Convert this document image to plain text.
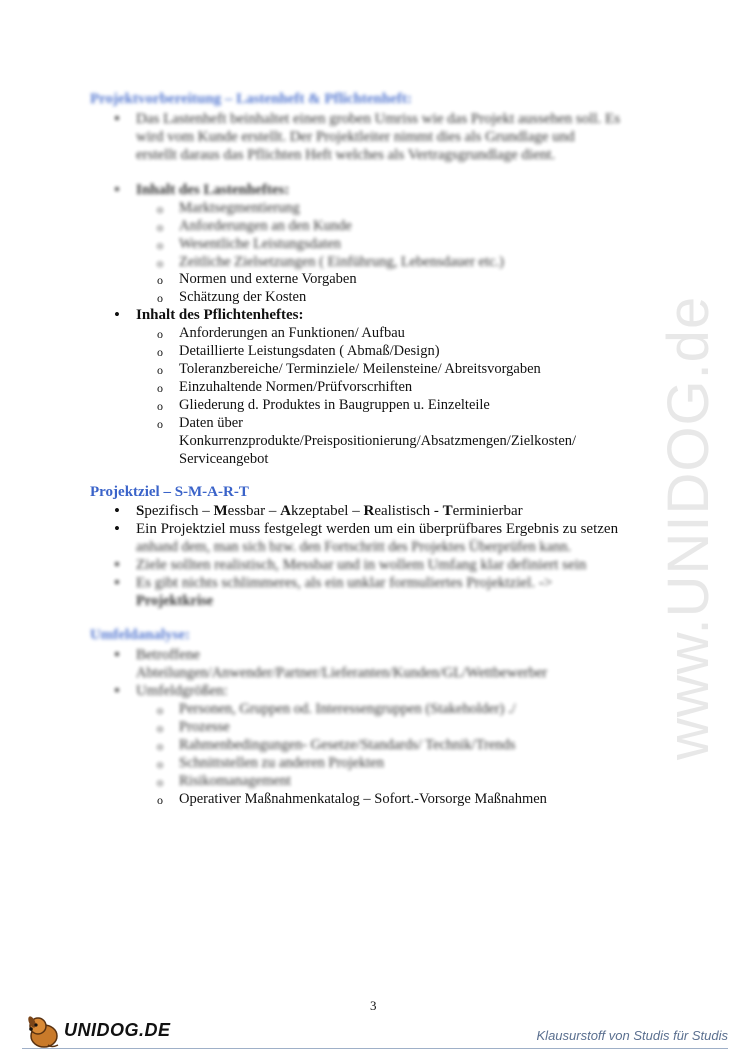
www.UNIDOG.de
Projektvorbereitung – Lastenheft & Pflichtenheft:
Das Lastenheft beinhaltet einen groben Umriss wie das Projekt aussehen soll. Es
wird vom Kunde erstellt. Der Projektleiter nimmt dies als Grundlage und
erstellt daraus das Pflichten Heft welches als Vertragsgrundlage dient.
Inhalt des Lastenheftes:
o Marktsegmentierung
o Anforderungen an den Kunde
o Wesentliche Leistungsdaten
o Zeitliche Zielsetzungen ( Einführung, Lebensdauer etc.)
o Normen und externe Vorgaben
o Schätzung der Kosten
Inhalt des Pflichtenheftes:
o Anforderungen an Funktionen/ Aufbau
o Detaillierte Leistungsdaten ( Abmaß/Design)
o Toleranzbereiche/ Terminziele/ Meilensteine/ Abreitsvorgaben
o Einzuhaltende Normen/Prüfvorscrhiften
o Gliederung d. Produktes in Baugruppen u. Einzelteile
o Daten über
Konkurrenzprodukte/Preispositionierung/Absatzmengen/Zielkosten/
Serviceangebot
Projektziel – S-M-A-R-T
Spezifisch – Messbar – Akzeptabel – Realistisch - Terminierbar
Ein Projektziel muss festgelegt werden um ein überprüfbares Ergebnis zu setzen
anhand dem, man sich bzw. den Fortschritt des Projektes Überprüfen kann.
Ziele sollten realistisch, Messbar und in wollem Umfang klar definiert sein
Es gibt nichts schlimmeres, als ein unklar formuliertes Projektziel. ->
Projektkrise
Umfeldanalyse:
Betroffene
Abteilungen/Anwender/Partner/Lieferanten/Kunden/GL/Wettbewerber
Umfeldgrößen:
o Personen, Gruppen od. Interessengruppen (Stakeholder) ./
o Prozesse
o Rahmenbedingungen- Gesetze/Standards/ Technik/Trends
o Schnittstellen zu anderen Projekten
o Risikomanagement
o Operativer Maßnahmenkatalog – Sofort.-Vorsorge Maßnahmen
3
UNIDOG.DE	Klausurstoff von Studis für Studis
